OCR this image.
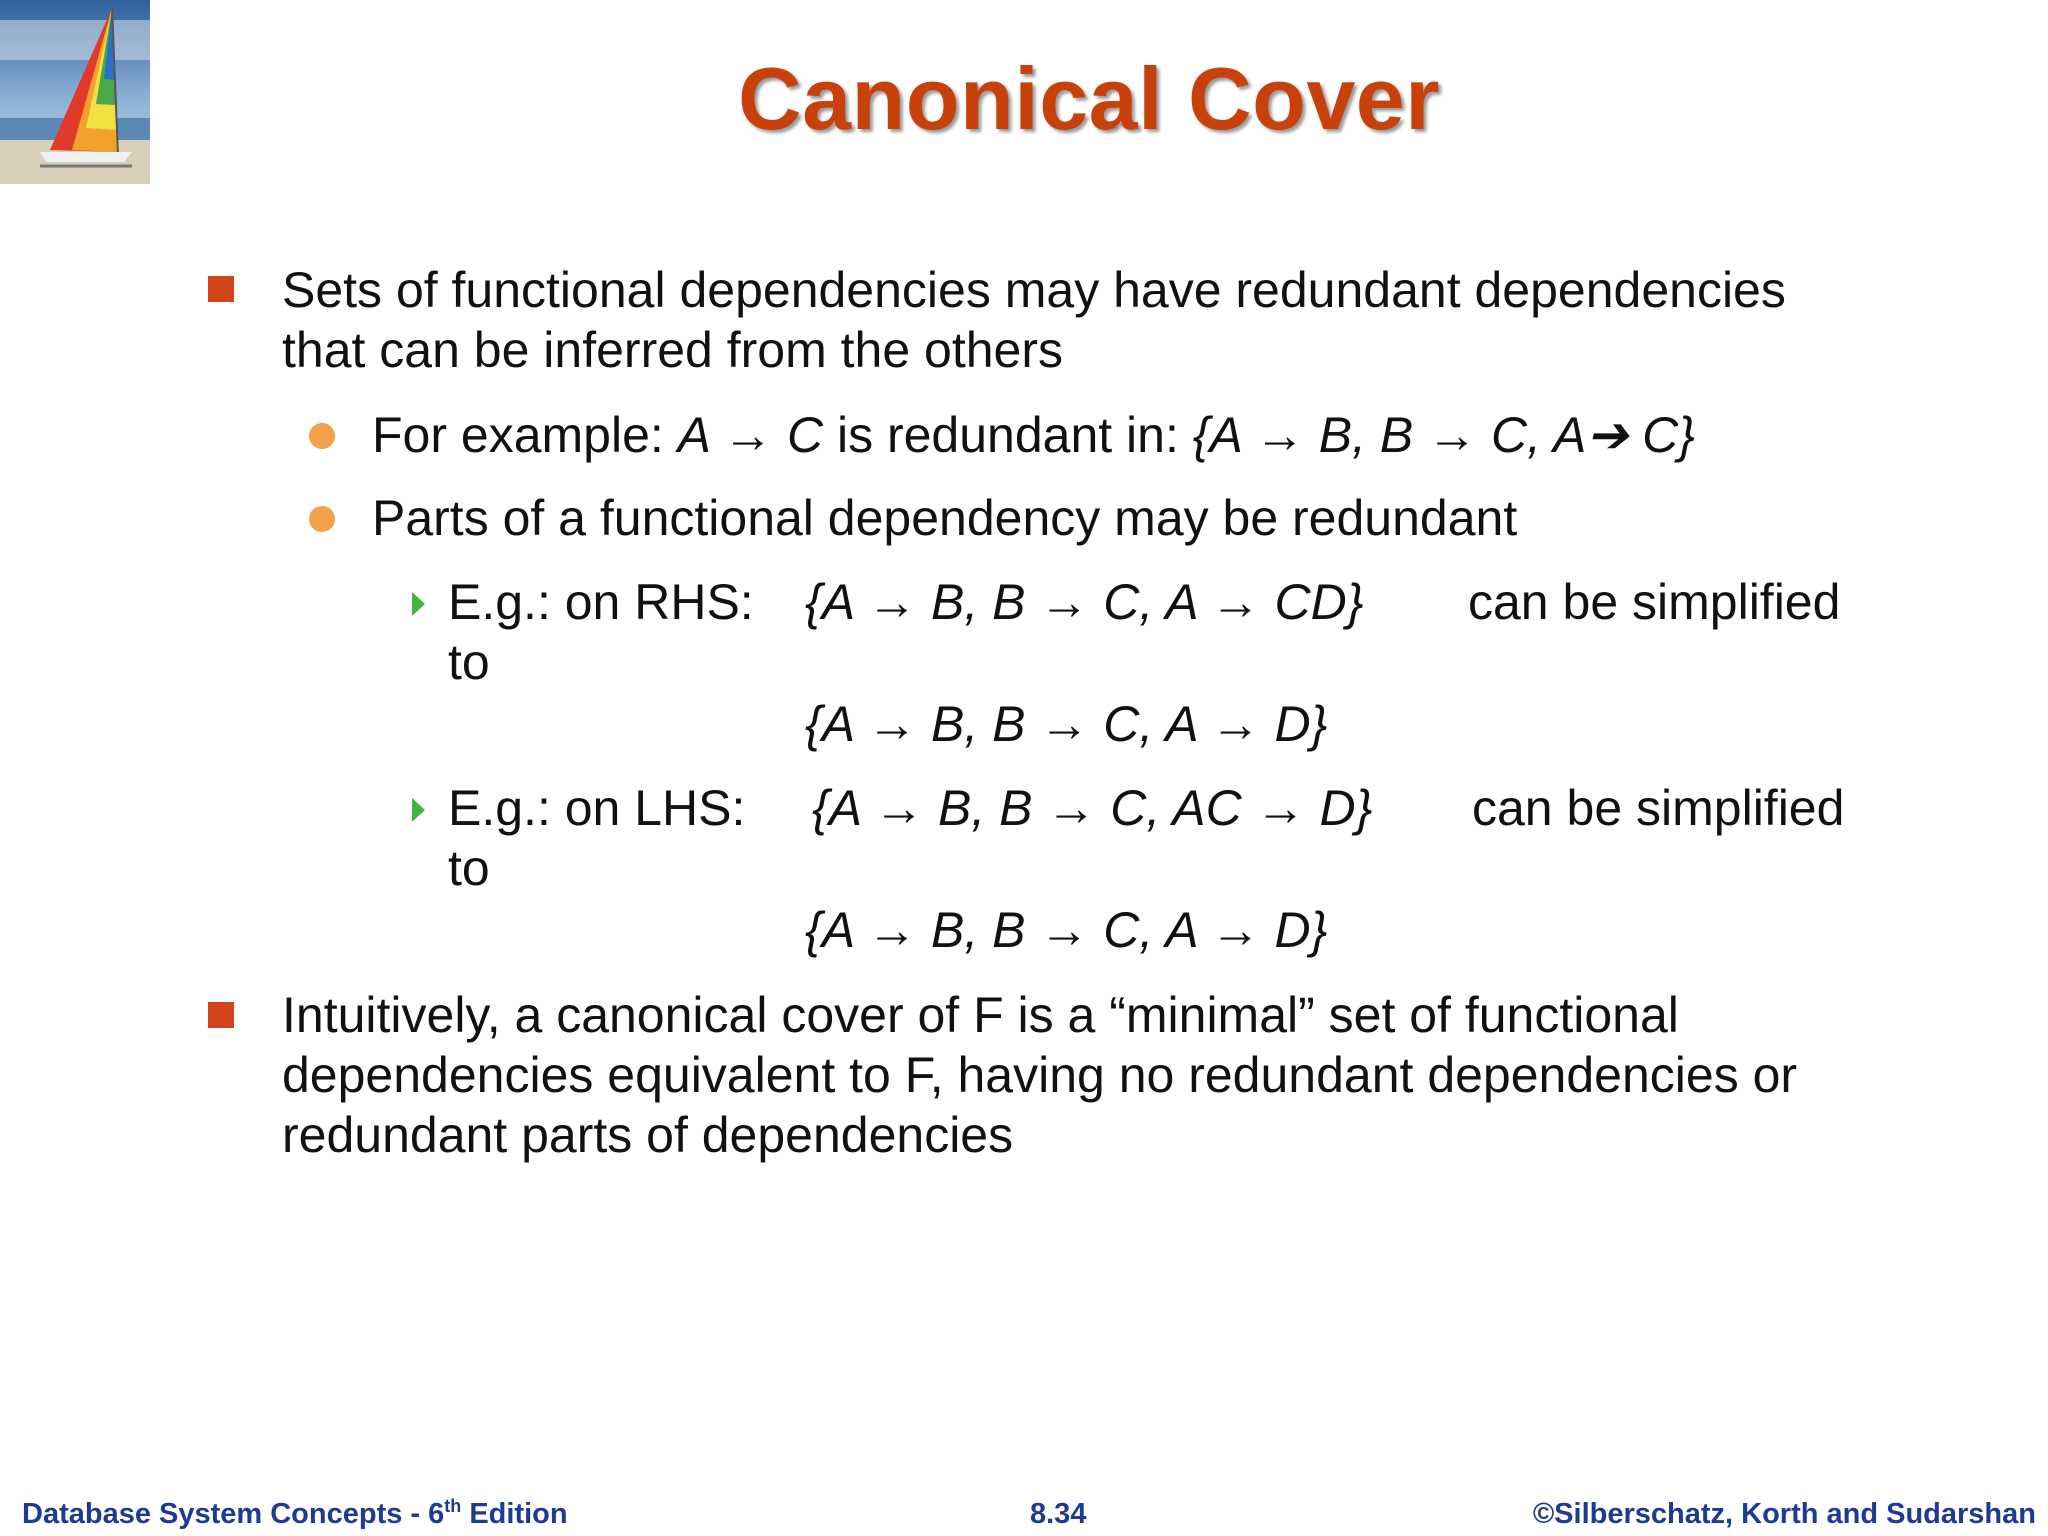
Canonical Cover
Sets of functional dependencies may have redundant dependencies
that can be inferred from the others
For example: A → C is redundant in: {A → B, B → C, A➔ C}
Parts of a functional dependency may be redundant
E.g.: on RHS: {A → B, B → C, A → CD} can be simplified
to
{A → B, B → C, A → D}
E.g.: on LHS: {A → B, B → C, AC → D} can be simplified
to
{A → B, B → C, A → D}
Intuitively, a canonical cover of F is a “minimal” set of functional
dependencies equivalent to F, having no redundant dependencies or
redundant parts of dependencies
Database System Concepts - 6th Edition	8.34	©Silberschatz, Korth and Sudarshan
